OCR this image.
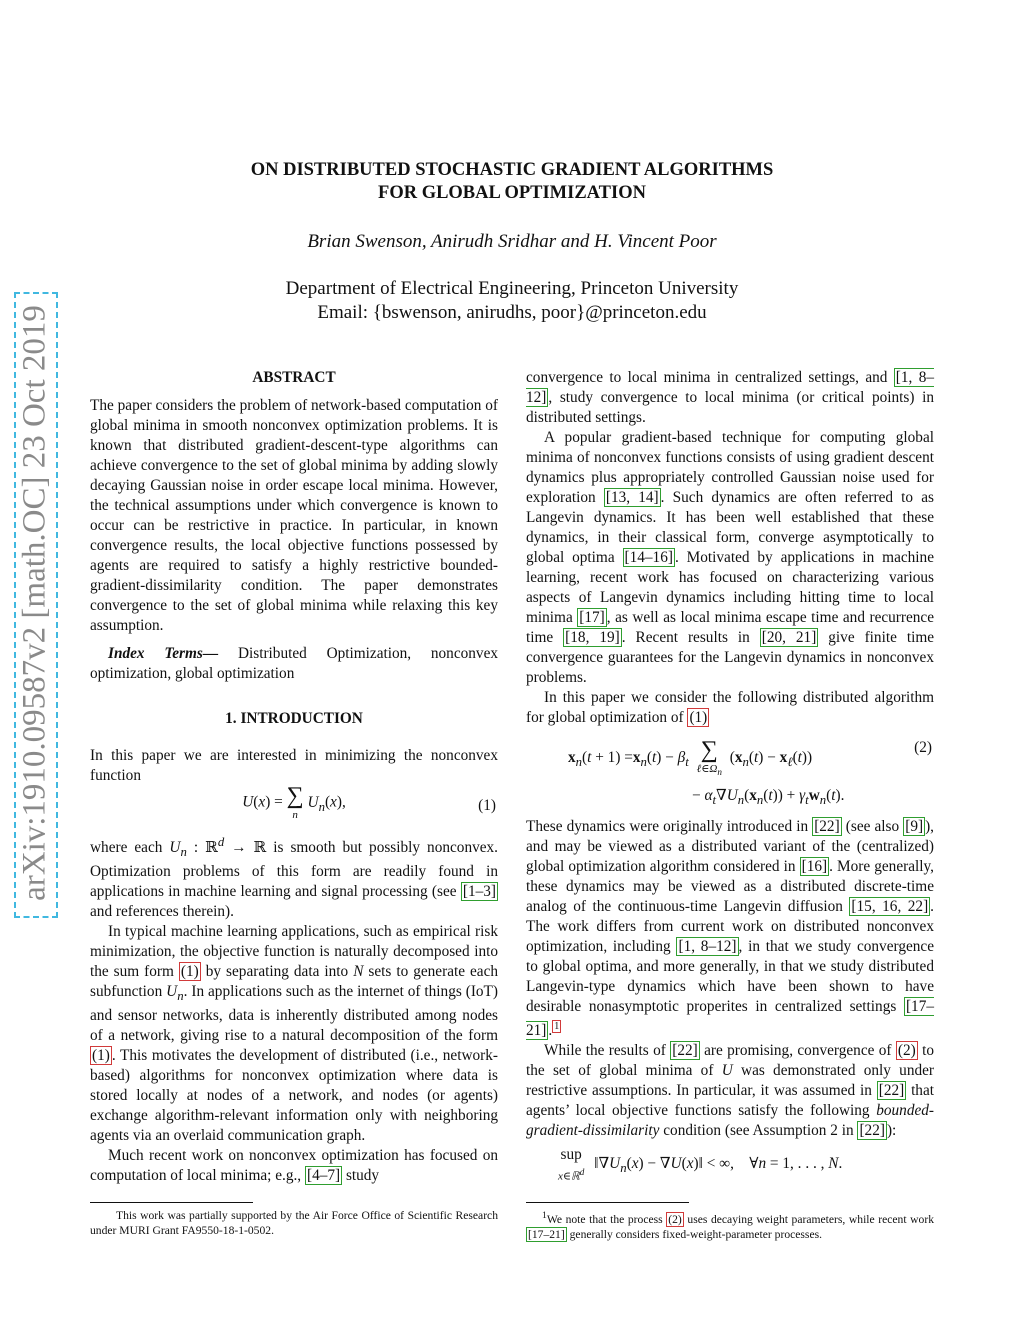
arXiv:1910.09587v2 [math.OC] 23 Oct 2019
ON DISTRIBUTED STOCHASTIC GRADIENT ALGORITHMS
FOR GLOBAL OPTIMIZATION
Brian Swenson, Anirudh Sridhar and H. Vincent Poor
Department of Electrical Engineering, Princeton University
Email: {bswenson, anirudhs, poor}@princeton.edu

ABSTRACT

The paper considers the problem of network-based computation of global minima in smooth nonconvex optimization problems. It is known that distributed gradient-descent-type algorithms can achieve convergence to the set of global minima by adding slowly decaying Gaussian noise in order escape local minima. However, the technical assumptions under which convergence is known to occur can be restrictive in practice. In particular, in known convergence results, the local objective functions possessed by agents are required to satisfy a highly restrictive bounded-gradient-dissimilarity condition. The paper demonstrates convergence to the set of global minima while relaxing this key assumption.

Index Terms— Distributed Optimization, nonconvex optimization, global optimization

1. INTRODUCTION

In this paper we are interested in minimizing the nonconvex function

U(x) = ∑
n
$U_n(x)$,	(1)

where each $U_n$ : ℝ$^d$ → ℝ is smooth but possibly nonconvex. Optimization problems of this form are readily found in applications in machine learning and signal processing (see [1–3] and references therein).

In typical machine learning applications, such as empirical risk minimization, the objective function is naturally decomposed into the sum form (1) by separating data into N sets to generate each subfunction $U_n$. In applications such as the internet of things (IoT) and sensor networks, data is inherently distributed among nodes of a network, giving rise to a natural decomposition of the form (1) . This motivates the development of distributed (i.e., network-based) algorithms for nonconvex optimization where data is stored locally at nodes of a network, and nodes (or agents) exchange algorithm-relevant information only with neighboring agents via an overlaid communication graph.

Much recent work on nonconvex optimization has focused on computation of local minima; e.g., [4–7] study

convergence to local minima in centralized settings, and [1, 8–12] , study convergence to local minima (or critical points) in distributed settings.

A popular gradient-based technique for computing global minima of nonconvex functions consists of using gradient descent dynamics plus appropriately controlled Gaussian noise used for exploration [13, 14] . Such dynamics are often referred to as Langevin dynamics. It has been well established that these dynamics, in their classical form, converge asymptotically to global optima [14–16] . Motivated by applications in machine learning, recent work has focused on characterizing various aspects of Langevin dynamics including hitting time to local minima [17] , as well as local minima escape time and recurrence time [18, 19] . Recent results in [20, 21] give finite time convergence guarantees for the Langevin dynamics in nonconvex problems.

In this paper we consider the following distributed algorithm for global optimization of (1)

$x_n(t + 1) =x_n(t) - \beta_t$ ∑
$\ell\in\Omega_n$
$(x_n(t) - x_\ell(t))$
(2)
− $\alpha_t\nabla U_n(x_n(t)) + \gamma_tw_n(t)$.

These dynamics were originally introduced in [22] (see also [9] ), and may be viewed as a distributed variant of the (centralized) global optimization algorithm considered in [16] . More generally, these dynamics may be viewed as a distributed discrete-time analog of the continuous-time Langevin diffusion [15, 16, 22] . The work differs from current work on distributed nonconvex optimization, including [1, 8–12] , in that we study convergence to global optima, and more generally, in that we study distributed Langevin-type dynamics which have been shown to have desirable nonasymptotic properites in centralized settings [17–21] . $^1$

While the results of [22] are promising, convergence of (2) to the set of global minima of U was demonstrated only under restrictive assumptions. In particular, it was assumed in [22] that agents’ local objective functions satisfy the following bounded-gradient-dissimilarity condition (see Assumption 2 in [22] ):

sup
x∈ℝ$^d$
$‖\nabla U_n(x)$ − ∇U(x)‖ < ∞,    ∀n = 1, . . . , N.
This work was partially supported by the Air Force Office of Scientific Research under MURI Grant FA9550-18-1-0502.
$^1$We note that the process (2) uses decaying weight parameters, while recent work [17–21] generally considers fixed-weight-parameter processes.
